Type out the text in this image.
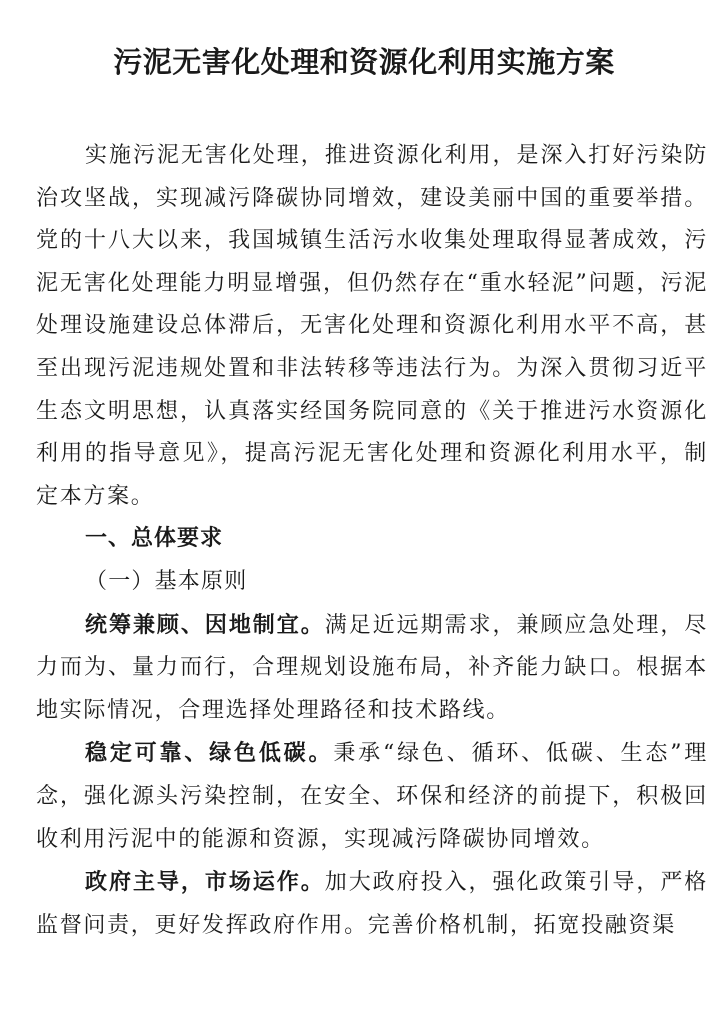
污泥无害化处理和资源化利用实施方案

实施污泥无害化处理，推进资源化利用，是深入打好污染防治攻坚战，实现减污降碳协同增效，建设美丽中国的重要举措。党的十八大以来，我国城镇生活污水收集处理取得显著成效，污泥无害化处理能力明显增强，但仍然存在“重水轻泥”问题，污泥处理设施建设总体滞后，无害化处理和资源化利用水平不高，甚至出现污泥违规处置和非法转移等违法行为。为深入贯彻习近平生态文明思想，认真落实经国务院同意的《关于推进污水资源化利用的指导意见》，提高污泥无害化处理和资源化利用水平，制定本方案。

一、总体要求

（一）基本原则

统筹兼顾、因地制宜。满足近远期需求，兼顾应急处理，尽力而为、量力而行，合理规划设施布局，补齐能力缺口。根据本地实际情况，合理选择处理路径和技术路线。

稳定可靠、绿色低碳。秉承“绿色、循环、低碳、生态”理念，强化源头污染控制，在安全、环保和经济的前提下，积极回收利用污泥中的能源和资源，实现减污降碳协同增效。

政府主导，市场运作。加大政府投入，强化政策引导，严格监督问责，更好发挥政府作用。完善价格机制，拓宽投融资渠
